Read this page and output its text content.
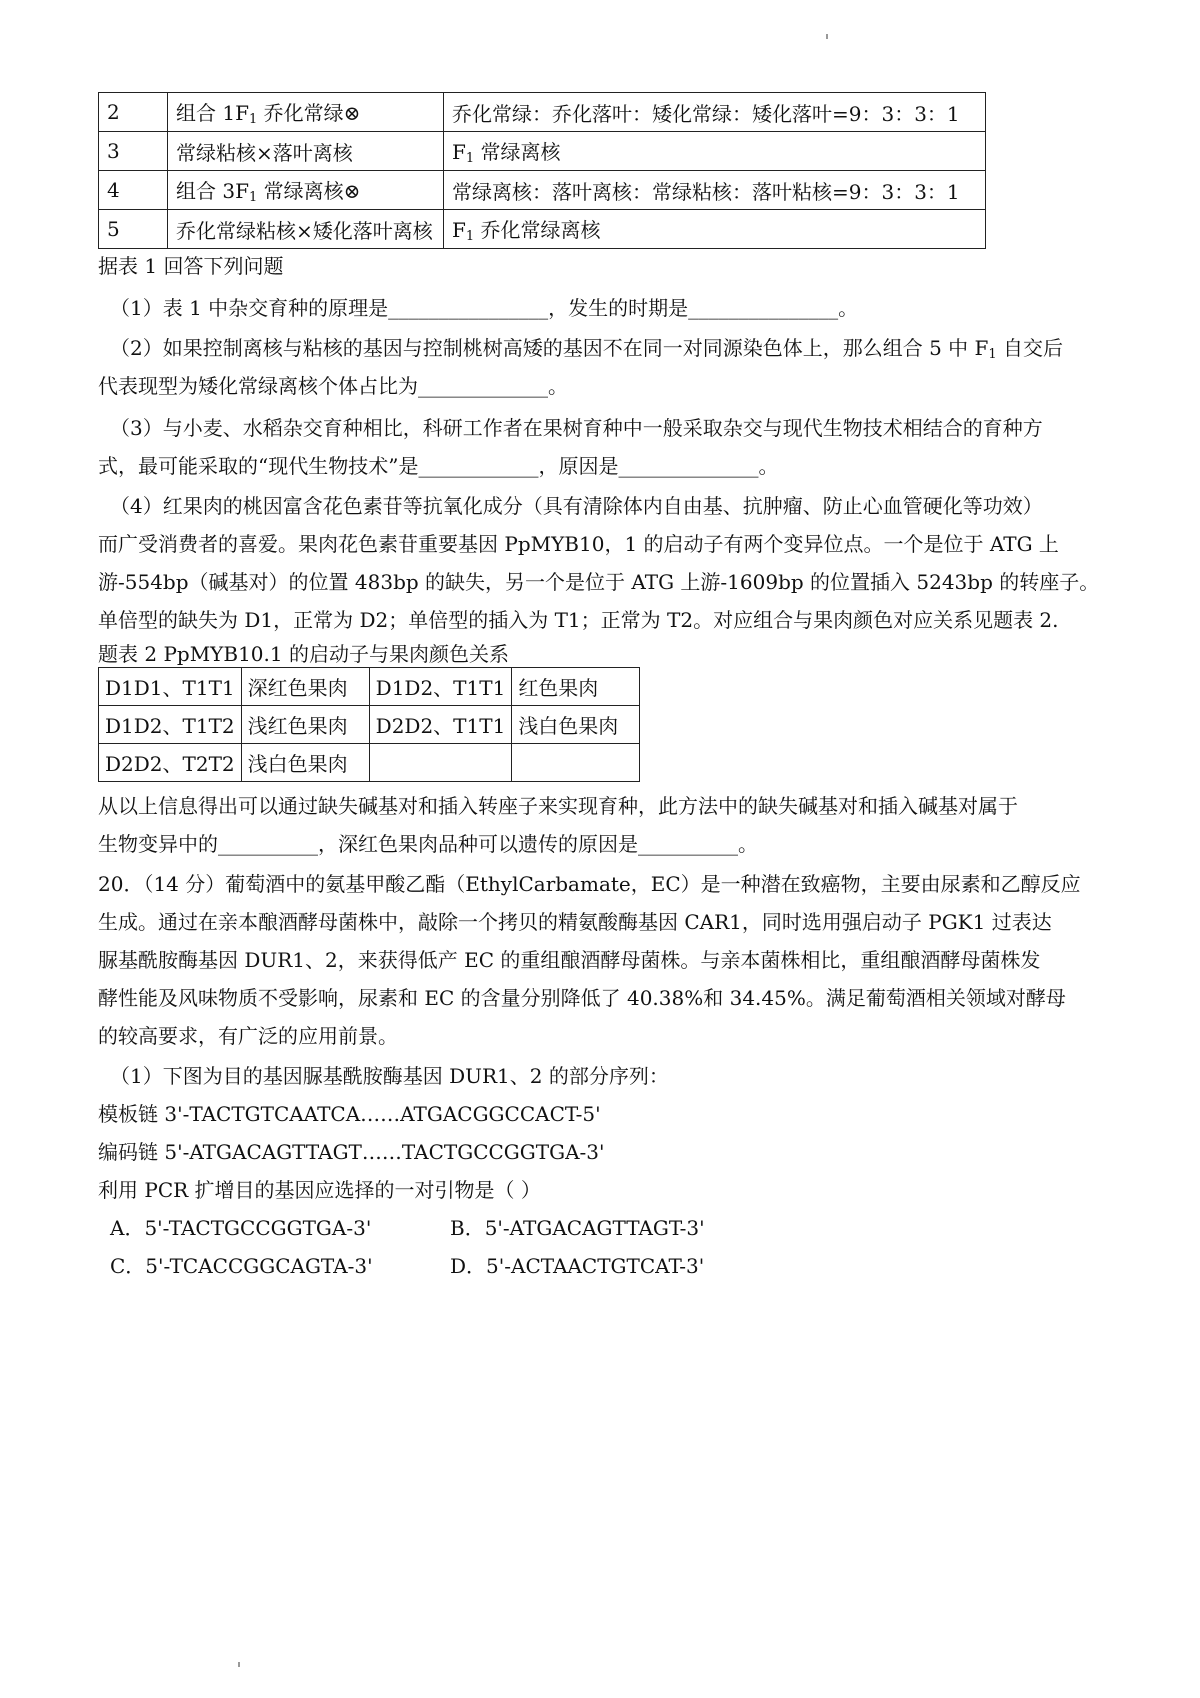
2	组合 $1F_1$ 乔化常绿⊗	乔化常绿：乔化落叶：矮化常绿：矮化落叶=9：3：3：1
3	常绿粘核×落叶离核	$F_1$ 常绿离核
4	组合 $3F_1$ 常绿离核⊗	常绿离核：落叶离核：常绿粘核：落叶粘核=9：3：3：1
5	乔化常绿粘核×矮化落叶离核	$F_1$ 乔化常绿离核
据表 1 回答下列问题
（1）表 1 中杂交育种的原理是________________，发生的时期是_______________。
（2）如果控制离核与粘核的基因与控制桃树高矮的基因不在同一对同源染色体上，那么组合 5 中 $F_1$ 自交后
代表现型为矮化常绿离核个体占比为_____________。
（3）与小麦、水稻杂交育种相比，科研工作者在果树育种中一般采取杂交与现代生物技术相结合的育种方
式，最可能采取的“现代生物技术”是____________，原因是______________。
（4）红果肉的桃因富含花色素苷等抗氧化成分（具有清除体内自由基、抗肿瘤、防止心血管硬化等功效）
而广受消费者的喜爱。果肉花色素苷重要基因 PpMYB10，1 的启动子有两个变异位点。一个是位于 ATG 上
游-554bp（碱基对）的位置 483bp 的缺失，另一个是位于 ATG 上游-1609bp 的位置插入 5243bp 的转座子。
单倍型的缺失为 D1，正常为 D2；单倍型的插入为 T1；正常为 T2。对应组合与果肉颜色对应关系见题表 2.
题表 2 PpMYB10.1 的启动子与果肉颜色关系
D1D1、T1T1	深红色果肉	D1D2、T1T1	红色果肉
D1D2、T1T2	浅红色果肉	D2D2、T1T1	浅白色果肉
D2D2、T2T2	浅白色果肉		
从以上信息得出可以通过缺失碱基对和插入转座子来实现育种，此方法中的缺失碱基对和插入碱基对属于
生物变异中的__________，深红色果肉品种可以遗传的原因是__________。
20．（14 分）葡萄酒中的氨基甲酸乙酯（EthylCarbamate，EC）是一种潜在致癌物，主要由尿素和乙醇反应
生成。通过在亲本酿酒酵母菌株中，敲除一个拷贝的精氨酸酶基因 CAR1，同时选用强启动子 PGK1 过表达
脲基酰胺酶基因 DUR1、2，来获得低产 EC 的重组酿酒酵母菌株。与亲本菌株相比，重组酿酒酵母菌株发
酵性能及风味物质不受影响，尿素和 EC 的含量分别降低了 40.38%和 34.45%。满足葡萄酒相关领域对酵母
的较高要求，有广泛的应用前景。
（1）下图为目的基因脲基酰胺酶基因 DUR1、2 的部分序列：
模板链 3'-TACTGTCAATCA……ATGACGGCCACT-5'
编码链 5'-ATGACAGTTAGT……TACTGCCGGTGA-3'
利用 PCR 扩增目的基因应选择的一对引物是（ ）
A．5'-TACTGCCGGTGA-3'	B．5'-ATGACAGTTAGT-3'
C．5'-TCACCGGCAGTA-3'	D．5'-ACTAACTGTCAT-3'
